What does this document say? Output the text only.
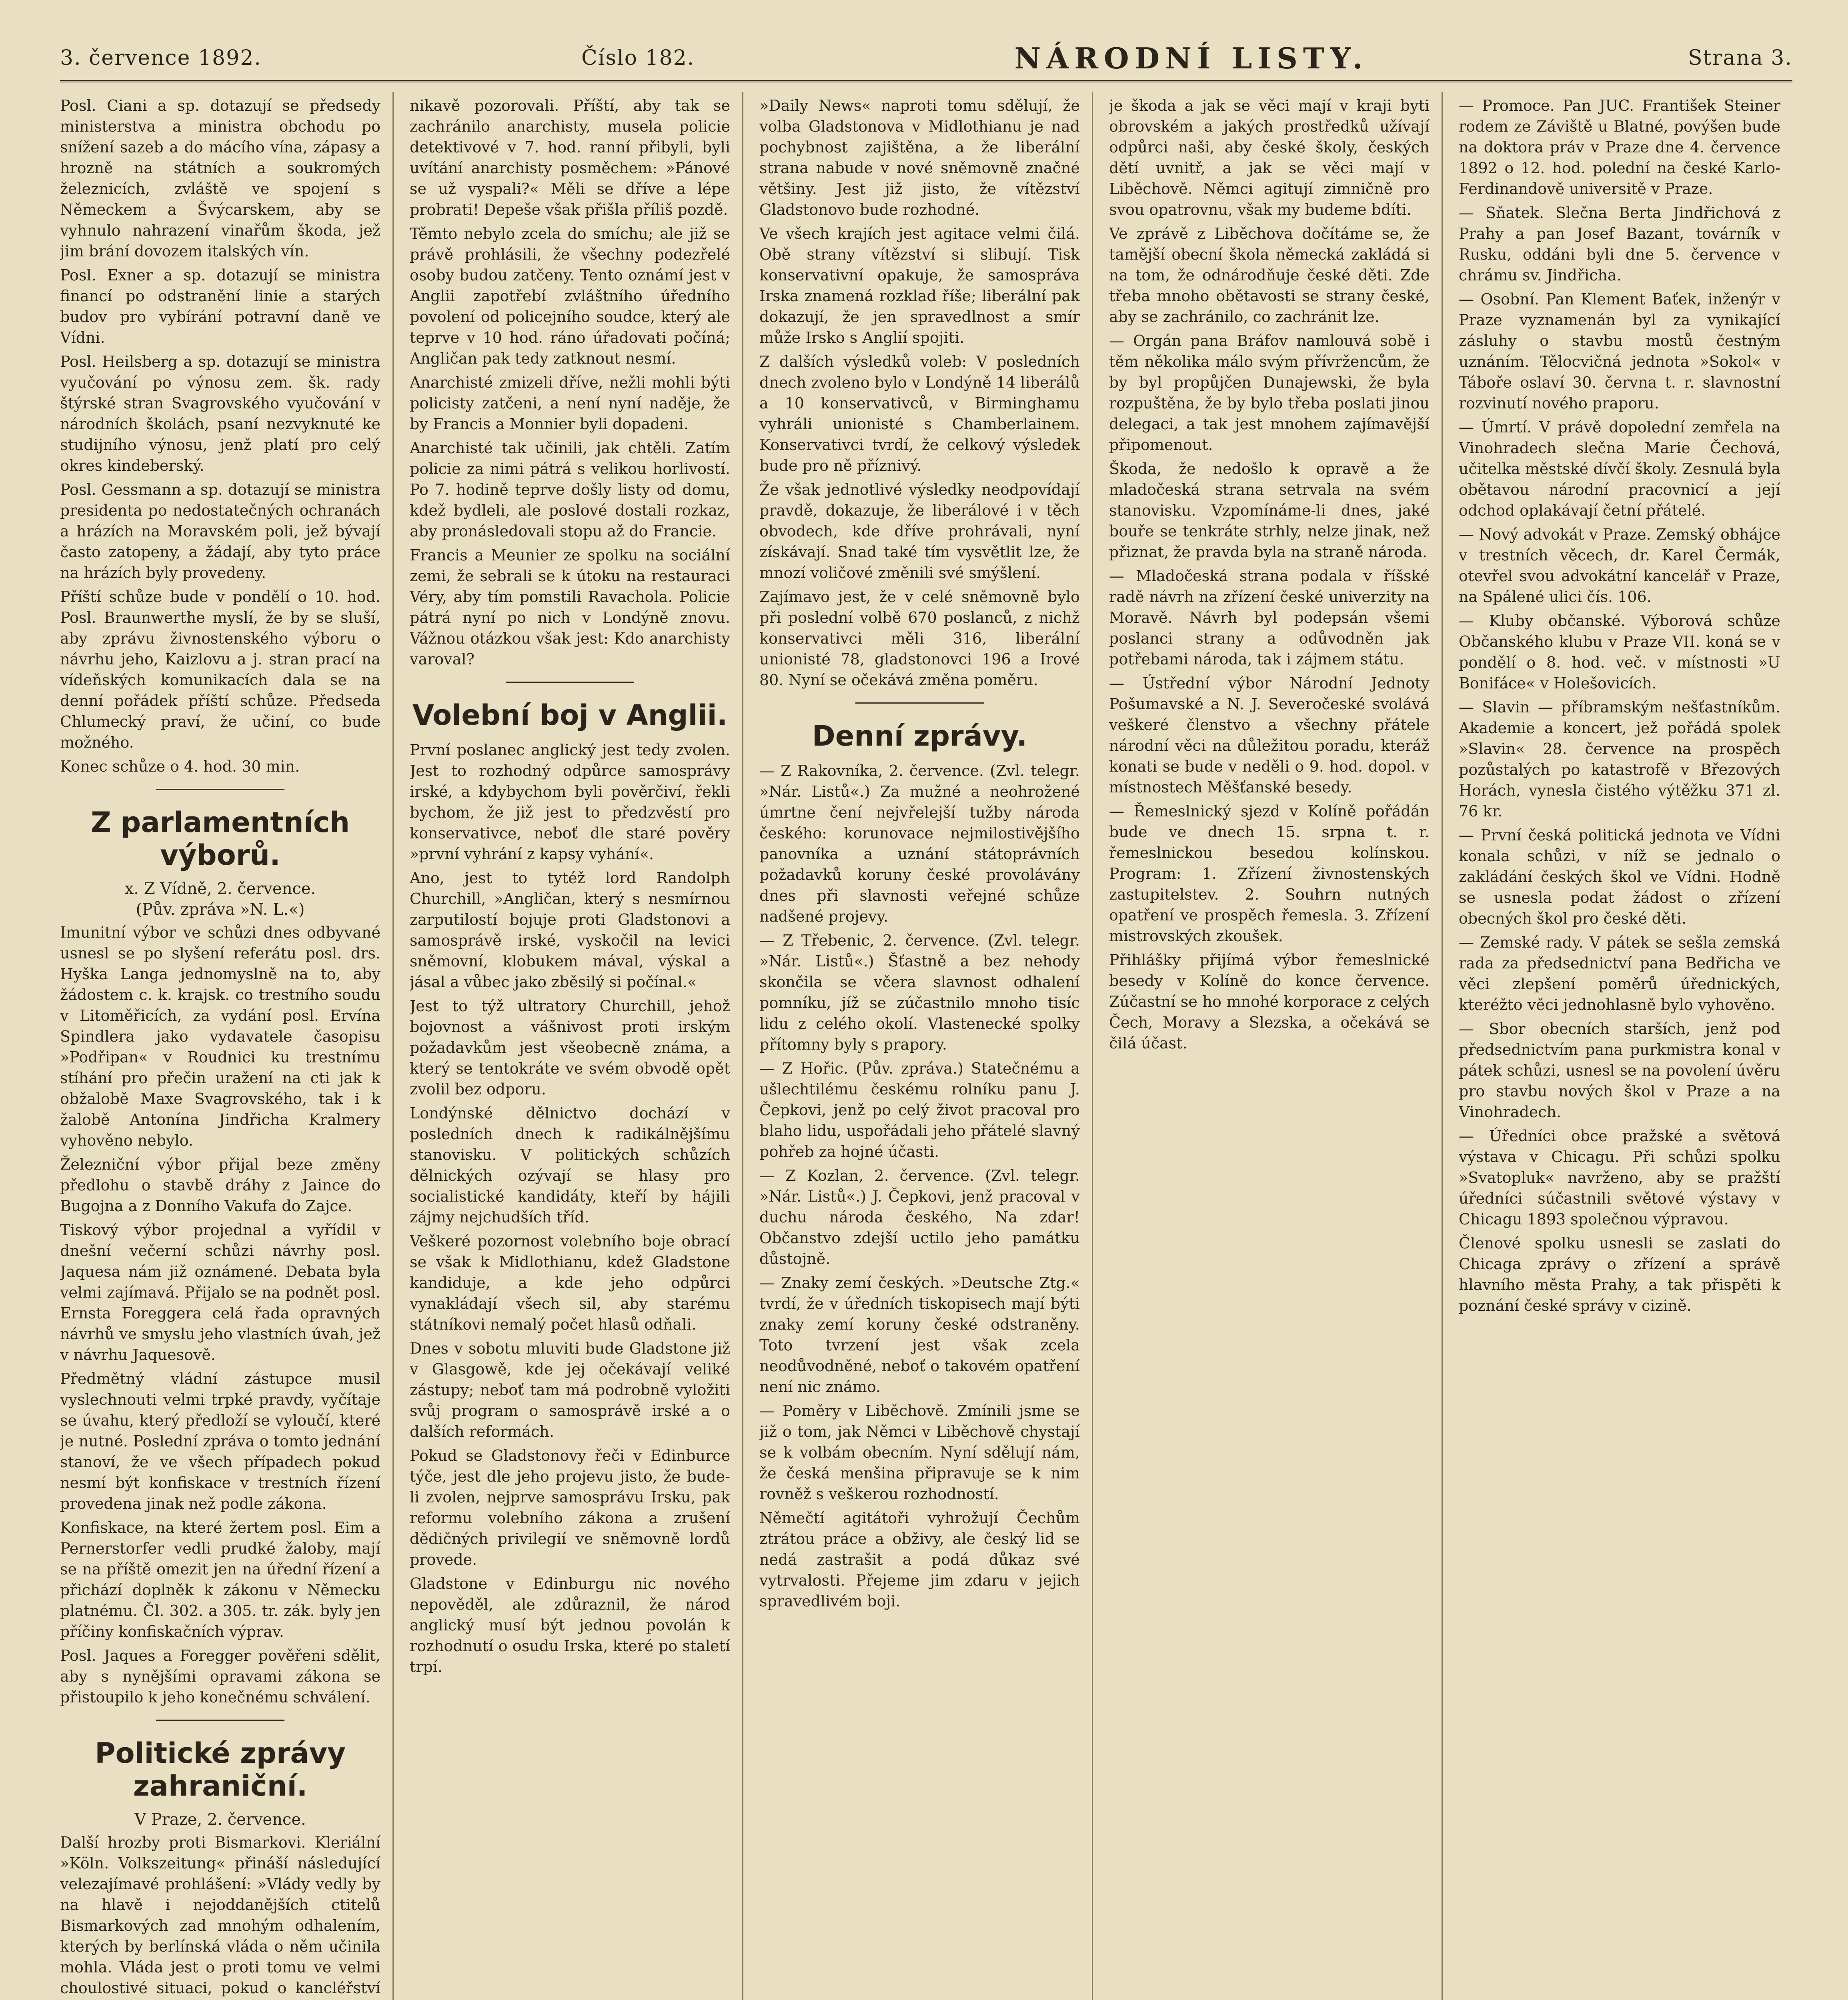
3. července 1892.	Číslo 182.	NÁRODNÍ LISTY.	Strana 3.
Posl. Ciani a sp. dotazují se předsedy ministerstva a ministra obchodu po snížení sazeb a do mácího vína, zápasy a hrozně na státních a soukromých železnicích, zvláště ve spojení s Německem a Švýcarskem, aby se vyhnulo nahrazení vinařům škoda, jež jim brání dovozem italských vín.
Posl. Exner a sp. dotazují se ministra financí po odstranění linie a starých budov pro vybírání potravní daně ve Vídni.
Posl. Heilsberg a sp. dotazují se ministra vyučování po výnosu zem. šk. rady štýrské stran Svagrovského vyučování v národních školách, psaní nezvyknuté ke studijního výnosu, jenž platí pro celý okres kindeberský.
Posl. Gessmann a sp. dotazují se ministra presidenta po nedostatečných ochranách a hrázích na Moravském poli, jež bývají často zatopeny, a žádají, aby tyto práce na hrázích byly provedeny.
Příští schůze bude v pondělí o 10. hod. Posl. Braunwerthe myslí, že by se sluší, aby zprávu živnostenského výboru o návrhu jeho, Kaizlovu a j. stran prací na vídeňských komunikacích dala se na denní pořádek příští schůze. Předseda Chlumecký praví, že učiní, co bude možného.
Konec schůze o 4. hod. 30 min.
Z parlamentních výborů.
x. Z Vídně, 2. července.
(Pův. zpráva »N. L.«)
Imunitní výbor ve schůzi dnes odbyvané usnesl se po slyšení referátu posl. drs. Hyška Langa jednomyslně na to, aby žádostem c. k. krajsk. co trestního soudu v Litoměřicích, za vydání posl. Ervína Spindlera jako vydavatele časopisu »Podřipan« v Roudnici ku trestnímu stíhání pro přečin uražení na cti jak k obžalobě Maxe Svagrovského, tak i k žalobě Antonína Jindřicha Kralmery vyhověno nebylo.
Železniční výbor přijal beze změny předlohu o stavbě dráhy z Jaince do Bugojna a z Donního Vakufa do Zajce.
Tiskový výbor projednal a vyřídil v dnešní večerní schůzi návrhy posl. Jaquesa nám již oznámené. Debata byla velmi zajímavá. Přijalo se na podnět posl. Ernsta Foreggera celá řada opravných návrhů ve smyslu jeho vlastních úvah, jež v návrhu Jaquesově.
Předmětný vládní zástupce musil vyslechnouti velmi trpké pravdy, vyčítaje se úvahu, který předloží se vyloučí, které je nutné. Poslední zpráva o tomto jednání stanoví, že ve všech případech pokud nesmí být konfiskace v trestních řízení provedena jinak než podle zákona.
Konfiskace, na které žertem posl. Eim a Pernerstorfer vedli prudké žaloby, mají se na příště omezit jen na úřední řízení a přichází doplněk k zákonu v Německu platnému. Čl. 302. a 305. tr. zák. byly jen příčiny konfiskačních výprav.
Posl. Jaques a Foregger pověřeni sdělit, aby s nynějšími opravami zákona se přistoupilo k jeho konečnému schválení.
Politické zprávy zahraniční.
V Praze, 2. července.
Další hrozby proti Bismarkovi. Kleriální »Köln. Volkszeitung« přináší následující velezajímavé prohlášení: »Vlády vedly by na hlavě i nejoddanějších ctitelů Bismarkových zad mnohým odhalením, kterých by berlínská vláda o něm učinila mohla. Vláda jest o proti tomu ve velmi choulostivé situaci, pokud o kancléřství
nikavě pozorovali. Příští, aby tak se zachránilo anarchisty, musela policie detektivové v 7. hod. ranní přibyli, byli uvítání anarchisty posměchem: »Pánové se už vyspali?« Měli se dříve a lépe probrati! Depeše však přišla příliš pozdě.
Těmto nebylo zcela do smíchu; ale již se právě prohlásili, že všechny podezřelé osoby budou zatčeny. Tento oznámí jest v Anglii zapotřebí zvláštního úředního povolení od policejního soudce, který ale teprve v 10 hod. ráno úřadovati počíná; Angličan pak tedy zatknout nesmí.
Anarchisté zmizeli dříve, nežli mohli býti policisty zatčeni, a není nyní naděje, že by Francis a Monnier byli dopadeni.
Anarchisté tak učinili, jak chtěli. Zatím policie za nimi pátrá s velikou horlivostí. Po 7. hodině teprve došly listy od domu, kdež bydleli, ale poslové dostali rozkaz, aby pronásledovali stopu až do Francie.
Francis a Meunier ze spolku na sociální zemi, že sebrali se k útoku na restauraci Véry, aby tím pomstili Ravachola. Policie pátrá nyní po nich v Londýně znovu. Vážnou otázkou však jest: Kdo anarchisty varoval?
Volební boj v Anglii.
První poslanec anglický jest tedy zvolen. Jest to rozhodný odpůrce samosprávy irské, a kdybychom byli pověrčiví, řekli bychom, že již jest to předzvěstí pro konservativce, neboť dle staré pověry »první vyhrání z kapsy vyhání«.
Ano, jest to tytéž lord Randolph Churchill, »Angličan, který s nesmírnou zarputilostí bojuje proti Gladstonovi a samosprávě irské, vyskočil na levici sněmovní, klobukem mával, výskal a jásal a vůbec jako zběsilý si počínal.«
Jest to týž ultratory Churchill, jehož bojovnost a vášnivost proti irským požadavkům jest všeobecně známa, a který se tentokráte ve svém obvodě opět zvolil bez odporu.
Londýnské dělnictvo dochází v posledních dnech k radikálnějšímu stanovisku. V politických schůzích dělnických ozývají se hlasy pro socialistické kandidáty, kteří by hájili zájmy nejchudších tříd.
Veškeré pozornost volebního boje obrací se však k Midlothianu, kdež Gladstone kandiduje, a kde jeho odpůrci vynakládají všech sil, aby starému státníkovi nemalý počet hlasů odňali.
Dnes v sobotu mluviti bude Gladstone již v Glasgowě, kde jej očekávají veliké zástupy; neboť tam má podrobně vyložiti svůj program o samosprávě irské a o dalších reformách.
Pokud se Gladstonovy řeči v Edinburce týče, jest dle jeho projevu jisto, že bude-li zvolen, nejprve samosprávu Irsku, pak reformu volebního zákona a zrušení dědičných privilegií ve sněmovně lordů provede.
Gladstone v Edinburgu nic nového nepověděl, ale zdůraznil, že národ anglický musí být jednou povolán k rozhodnutí o osudu Irska, které po staletí trpí.
»Daily News« naproti tomu sdělují, že volba Gladstonova v Midlothianu je nad pochybnost zajištěna, a že liberální strana nabude v nové sněmovně značné většiny. Jest již jisto, že vítězství Gladstonovo bude rozhodné.
Ve všech krajích jest agitace velmi čilá. Obě strany vítězství si slibují. Tisk konservativní opakuje, že samospráva Irska znamená rozklad říše; liberální pak dokazují, že jen spravedlnost a smír může Irsko s Anglií spojiti.
Z dalších výsledků voleb: V posledních dnech zvoleno bylo v Londýně 14 liberálů a 10 konservativců, v Birminghamu vyhráli unionisté s Chamberlainem. Konservativci tvrdí, že celkový výsledek bude pro ně příznivý.
Že však jednotlivé výsledky neodpovídají pravdě, dokazuje, že liberálové i v těch obvodech, kde dříve prohrávali, nyní získávají. Snad také tím vysvětlit lze, že mnozí voličové změnili své smýšlení.
Zajímavo jest, že v celé sněmovně bylo při poslední volbě 670 poslanců, z nichž konservativci měli 316, liberální unionisté 78, gladstonovci 196 a Irové 80. Nyní se očekává změna poměru.
Denní zprávy.
— Z Rakovníka, 2. července. (Zvl. telegr. »Nár. Listů«.) Za mužné a neohrožené úmrtne čení nejvřelejší tužby národa českého: korunovace nejmilostivějšího panovníka a uznání státoprávních požadavků koruny české provolávány dnes při slavnosti veřejné schůze nadšené projevy.
— Z Třebenic, 2. července. (Zvl. telegr. »Nár. Listů«.) Šťastně a bez nehody skončila se včera slavnost odhalení pomníku, jíž se zúčastnilo mnoho tisíc lidu z celého okolí. Vlastenecké spolky přítomny byly s prapory.
— Z Hořic. (Pův. zpráva.) Statečnému a ušlechtilému českému rolníku panu J. Čepkovi, jenž po celý život pracoval pro blaho lidu, uspořádali jeho přátelé slavný pohřeb za hojné účasti.
— Z Kozlan, 2. července. (Zvl. telegr. »Nár. Listů«.) J. Čepkovi, jenž pracoval v duchu národa českého, Na zdar! Občanstvo zdejší uctilo jeho památku důstojně.
— Znaky zemí českých. »Deutsche Ztg.« tvrdí, že v úředních tiskopisech mají býti znaky zemí koruny české odstraněny. Toto tvrzení jest však zcela neodůvodněné, neboť o takovém opatření není nic známo.
— Poměry v Liběchově. Zmínili jsme se již o tom, jak Němci v Liběchově chystají se k volbám obecním. Nyní sdělují nám, že česká menšina připravuje se k nim rovněž s veškerou rozhodností.
Němečtí agitátoři vyhrožují Čechům ztrátou práce a obživy, ale český lid se nedá zastrašit a podá důkaz své vytrvalosti. Přejeme jim zdaru v jejich spravedlivém boji.
je škoda a jak se věci mají v kraji byti obrovském a jakých prostředků užívají odpůrci naši, aby české školy, českých dětí uvnitř, a jak se věci mají v Liběchově. Němci agitují zimničně pro svou opatrovnu, však my budeme bdíti.
Ve zprávě z Liběchova dočítáme se, že tamější obecní škola německá zakládá si na tom, že odnárodňuje české děti. Zde třeba mnoho obětavosti se strany české, aby se zachránilo, co zachránit lze.
— Orgán pana Bráfov namlouvá sobě i těm několika málo svým přívržencům, že by byl propůjčen Dunajewski, že byla rozpuštěna, že by bylo třeba poslati jinou delegaci, a tak jest mnohem zajímavější připomenout.
Škoda, že nedošlo k opravě a že mladočeská strana setrvala na svém stanovisku. Vzpomínáme-li dnes, jaké bouře se tenkráte strhly, nelze jinak, než přiznat, že pravda byla na straně národa.
— Mladočeská strana podala v říšské radě návrh na zřízení české univerzity na Moravě. Návrh byl podepsán všemi poslanci strany a odůvodněn jak potřebami národa, tak i zájmem státu.
— Ústřední výbor Národní Jednoty Pošumavské a N. J. Severočeské svolává veškeré členstvo a všechny přátele národní věci na důležitou poradu, kteráž konati se bude v neděli o 9. hod. dopol. v místnostech Měšťanské besedy.
— Řemeslnický sjezd v Kolíně pořádán bude ve dnech 15. srpna t. r. řemeslnickou besedou kolínskou. Program: 1. Zřízení živnostenských zastupitelstev. 2. Souhrn nutných opatření ve prospěch řemesla. 3. Zřízení mistrovských zkoušek.
Přihlášky přijímá výbor řemeslnické besedy v Kolíně do konce července. Zúčastní se ho mnohé korporace z celých Čech, Moravy a Slezska, a očekává se čilá účast.
— Promoce. Pan JUC. František Steiner rodem ze Záviště u Blatné, povýšen bude na doktora práv v Praze dne 4. července 1892 o 12. hod. polední na české Karlo-Ferdinandově universitě v Praze.
— Sňatek. Slečna Berta Jindřichová z Prahy a pan Josef Bazant, továrník v Rusku, oddáni byli dne 5. července v chrámu sv. Jindřicha.
— Osobní. Pan Klement Baťek, inženýr v Praze vyznamenán byl za vynikající zásluhy o stavbu mostů čestným uznáním. Tělocvičná jednota »Sokol« v Táboře oslaví 30. června t. r. slavnostní rozvinutí nového praporu.
— Úmrtí. V právě dopolední zemřela na Vinohradech slečna Marie Čechová, učitelka městské dívčí školy. Zesnulá byla obětavou národní pracovnicí a její odchod oplakávají četní přátelé.
— Nový advokát v Praze. Zemský obhájce v trestních věcech, dr. Karel Čermák, otevřel svou advokátní kancelář v Praze, na Spálené ulici čís. 106.
— Kluby občanské. Výborová schůze Občanského klubu v Praze VII. koná se v pondělí o 8. hod. več. v místnosti »U Bonifáce« v Holešovicích.
— Slavin — příbramským nešťastníkům. Akademie a koncert, jež pořádá spolek »Slavin« 28. července na prospěch pozůstalých po katastrofě v Březových Horách, vynesla čistého výtěžku 371 zl. 76 kr.
— První česká politická jednota ve Vídni konala schůzi, v níž se jednalo o zakládání českých škol ve Vídni. Hodně se usnesla podat žádost o zřízení obecných škol pro české děti.
— Zemské rady. V pátek se sešla zemská rada za předsednictví pana Bedřicha ve věci zlepšení poměrů úřednických, kteréžto věci jednohlasně bylo vyhověno.
— Sbor obecních starších, jenž pod předsednictvím pana purkmistra konal v pátek schůzi, usnesl se na povolení úvěru pro stavbu nových škol v Praze a na Vinohradech.
— Úředníci obce pražské a světová výstava v Chicagu. Při schůzi spolku »Svatopluk« navrženo, aby se pražští úředníci súčastnili světové výstavy v Chicagu 1893 společnou výpravou.
Členové spolku usnesli se zaslati do Chicaga zprávy o zřízení a správě hlavního města Prahy, a tak přispěti k poznání české správy v cizině.
